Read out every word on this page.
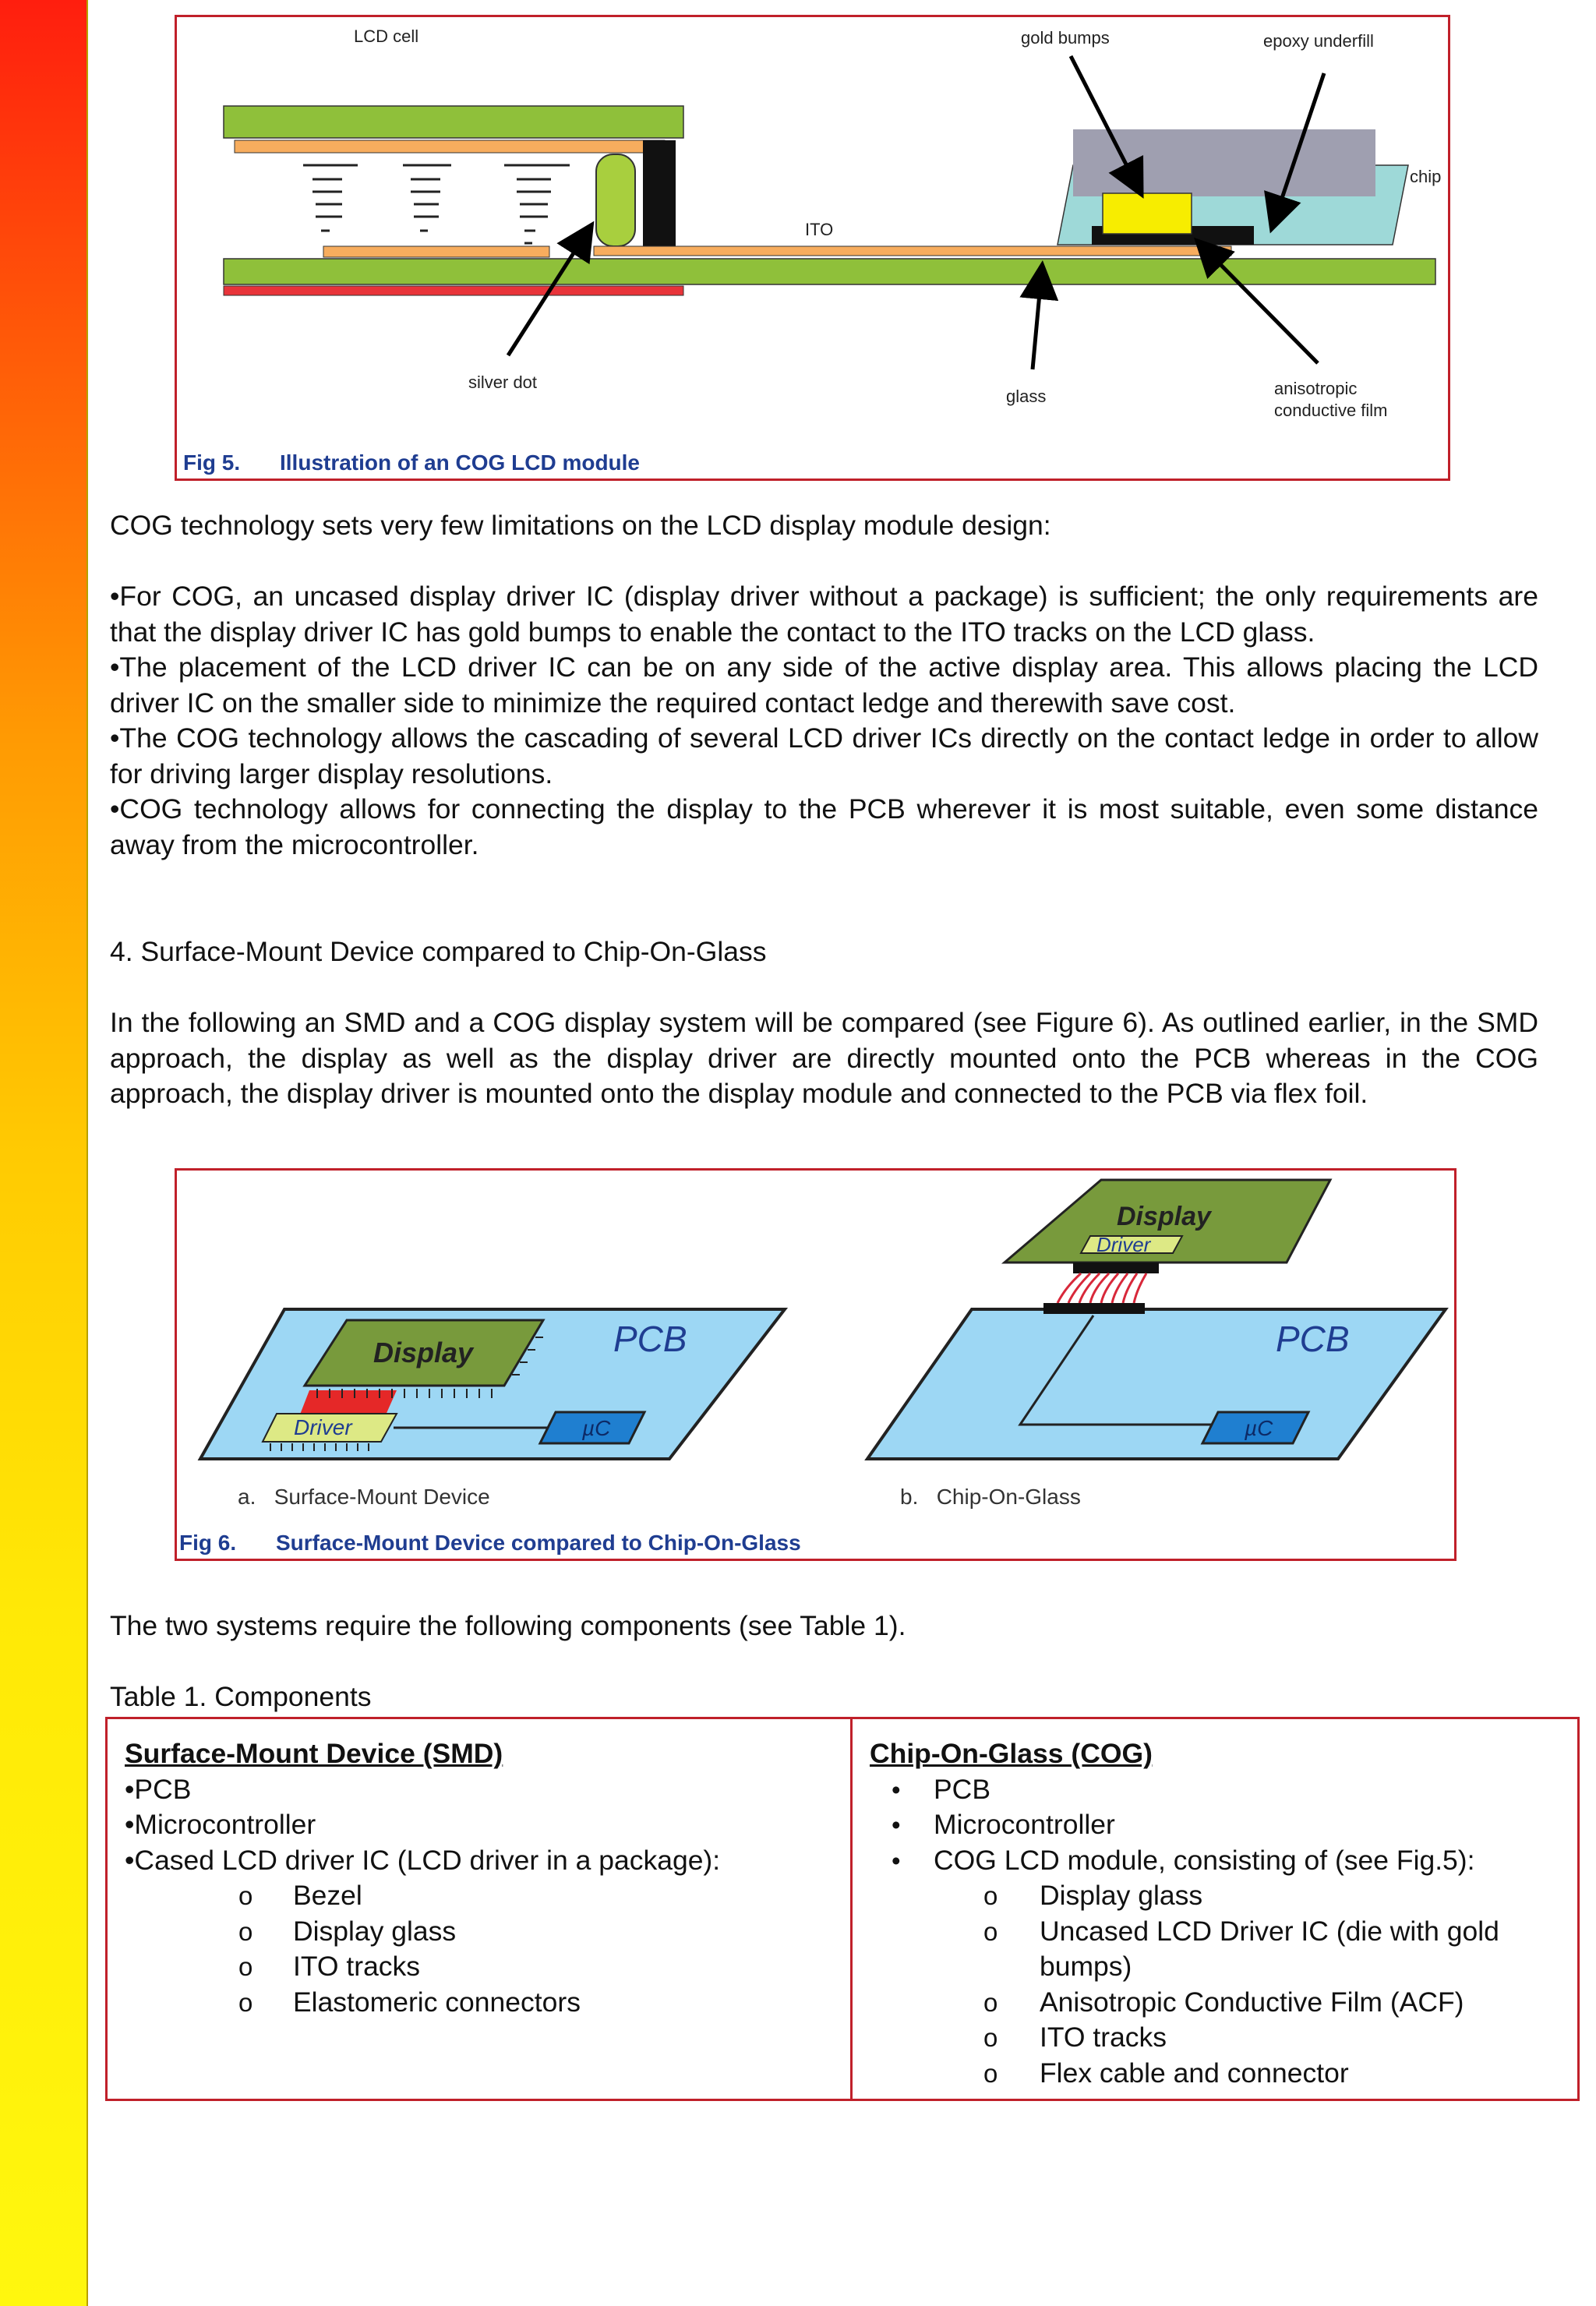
LCD cell	gold bumps	epoxy underfill
chip
ITO
silver dot
glass	anisotropic
conductive film
Fig 5. Illustration of an COG LCD module
COG technology sets very few limitations on the LCD display module design:
•For COG, an uncased display driver IC (display driver without a package) is sufficient; the only requirements are that the display driver IC has gold bumps to enable the contact to the ITO tracks on the LCD glass.
•The placement of the LCD driver IC can be on any side of the active display area. This allows placing the LCD driver IC on the smaller side to minimize the required contact ledge and therewith save cost.
•The COG technology allows the cascading of several LCD driver ICs directly on the contact ledge in order to allow for driving larger display resolutions.
•COG technology allows for connecting the display to the PCB wherever it is most suitable, even some distance away from the microcontroller.
4. Surface-Mount Device compared to Chip-On-Glass
In the following an SMD and a COG display system will be compared (see Figure 6). As outlined earlier, in the SMD approach, the display as well as the display driver are directly mounted onto the PCB whereas in the COG approach, the display driver is mounted onto the display module and connected to the PCB via flex foil.
PCB
Driver
Display
µC
PCB
Display
Driver
µC
a.   Surface-Mount Device	b.   Chip-On-Glass
Fig 6. Surface-Mount Device compared to Chip-On-Glass
The two systems require the following components (see Table 1).
Table 1. Components
Surface-Mount Device (SMD)
•PCB
•Microcontroller
•Cased LCD driver IC (LCD driver in a package):
o Bezel
o Display glass
o ITO tracks
o Elastomeric connectors
Chip-On-Glass (COG)
• PCB
• Microcontroller
• COG LCD module, consisting of (see Fig.5):
o Display glass
o Uncased LCD Driver IC (die with gold
bumps)
o Anisotropic Conductive Film (ACF)
o ITO tracks
o Flex cable and connector
